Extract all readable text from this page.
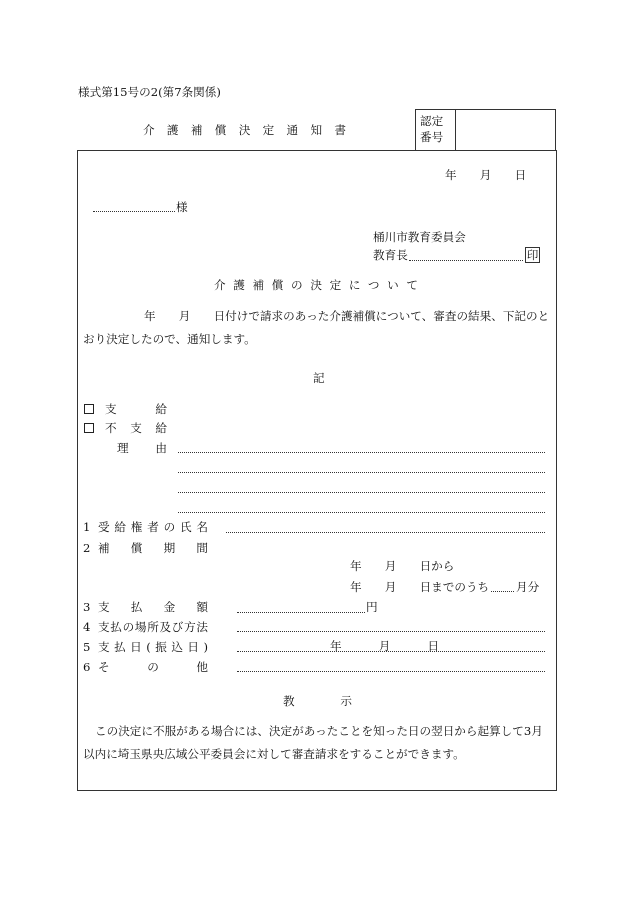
様式第15号の2(第7条関係)
介護補償決定通知書
認定
番号
年　　月　　日
様
桶川市教育委員会
教育長	印
介護補償の決定について
年　　月　　日付けで請求のあった介護補償について、審査の結果、下記のと
おり決定したので、通知します。
記
支給
不支給
理由
1 受給権者の氏名
2 補償期間
年　　月　　日から
年　　月　　日までのうち 月分
3 支払金額	円
4 支払の場所及び方法
5 支払日(振込日)	年　　　月　　　日
6 その他
教示
この決定に不服がある場合には、決定があったことを知った日の翌日から起算して3月
以内に埼玉県央広域公平委員会に対して審査請求をすることができます。
